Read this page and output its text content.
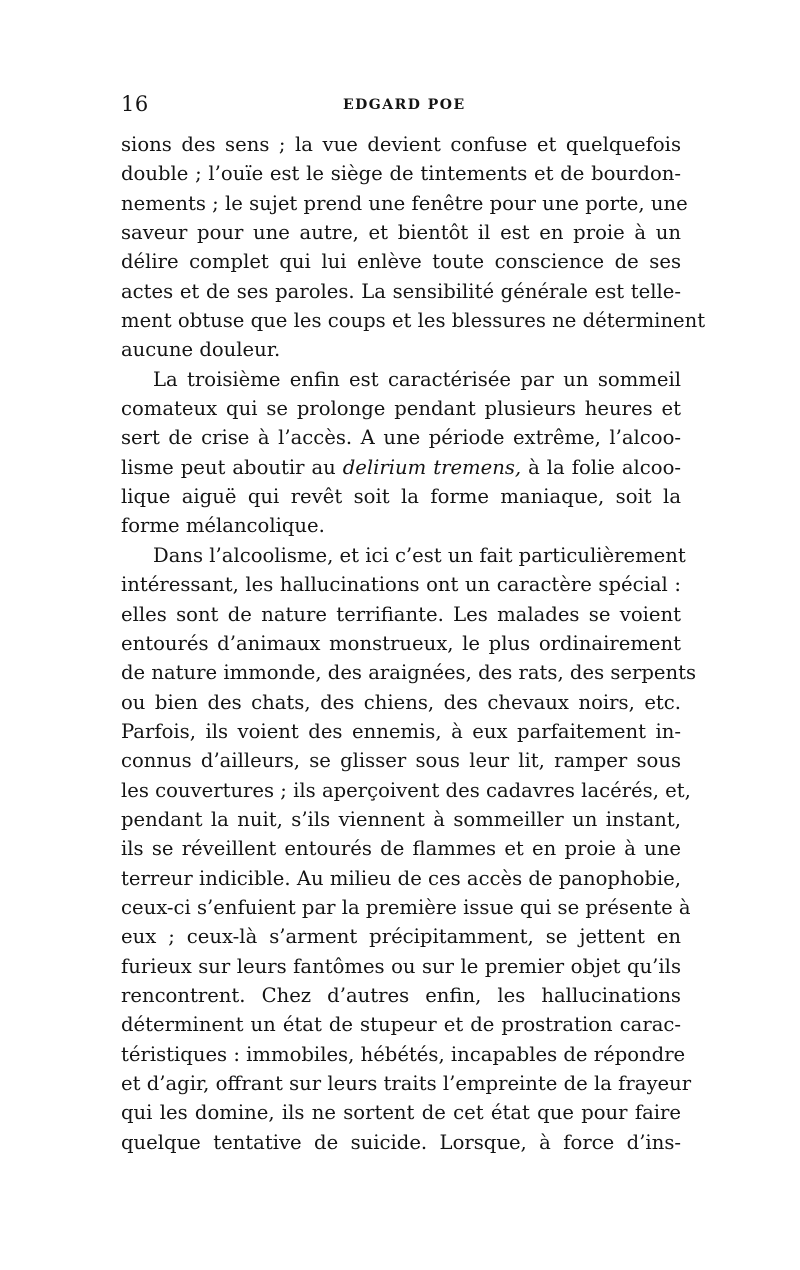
16	EDGARD POE
sions des sens ; la vue devient confuse et quelquefois
double ; l’ouïe est le siège de tintements et de bourdon-
nements ; le sujet prend une fenêtre pour une porte, une
saveur pour une autre, et bientôt il est en proie à un
délire complet qui lui enlève toute conscience de ses
actes et de ses paroles. La sensibilité générale est telle-
ment obtuse que les coups et les blessures ne déterminent
aucune douleur.
La troisième enfin est caractérisée par un sommeil
comateux qui se prolonge pendant plusieurs heures et
sert de crise à l’accès. A une période extrême, l’alcoo-
lisme peut aboutir au delirium tremens, à la folie alcoo-
lique aiguë qui revêt soit la forme maniaque, soit la
forme mélancolique.
Dans l’alcoolisme, et ici c’est un fait particulièrement
intéressant, les hallucinations ont un caractère spécial :
elles sont de nature terrifiante. Les malades se voient
entourés d’animaux monstrueux, le plus ordinairement
de nature immonde, des araignées, des rats, des serpents
ou bien des chats, des chiens, des chevaux noirs, etc.
Parfois, ils voient des ennemis, à eux parfaitement in-
connus d’ailleurs, se glisser sous leur lit, ramper sous
les couvertures ; ils aperçoivent des cadavres lacérés, et,
pendant la nuit, s’ils viennent à sommeiller un instant,
ils se réveillent entourés de flammes et en proie à une
terreur indicible. Au milieu de ces accès de panophobie,
ceux-ci s’enfuient par la première issue qui se présente à
eux ; ceux-là s’arment précipitamment, se jettent en
furieux sur leurs fantômes ou sur le premier objet qu’ils
rencontrent. Chez d’autres enfin, les hallucinations
déterminent un état de stupeur et de prostration carac-
téristiques : immobiles, hébétés, incapables de répondre
et d’agir, offrant sur leurs traits l’empreinte de la frayeur
qui les domine, ils ne sortent de cet état que pour faire
quelque tentative de suicide. Lorsque, à force d’ins-
